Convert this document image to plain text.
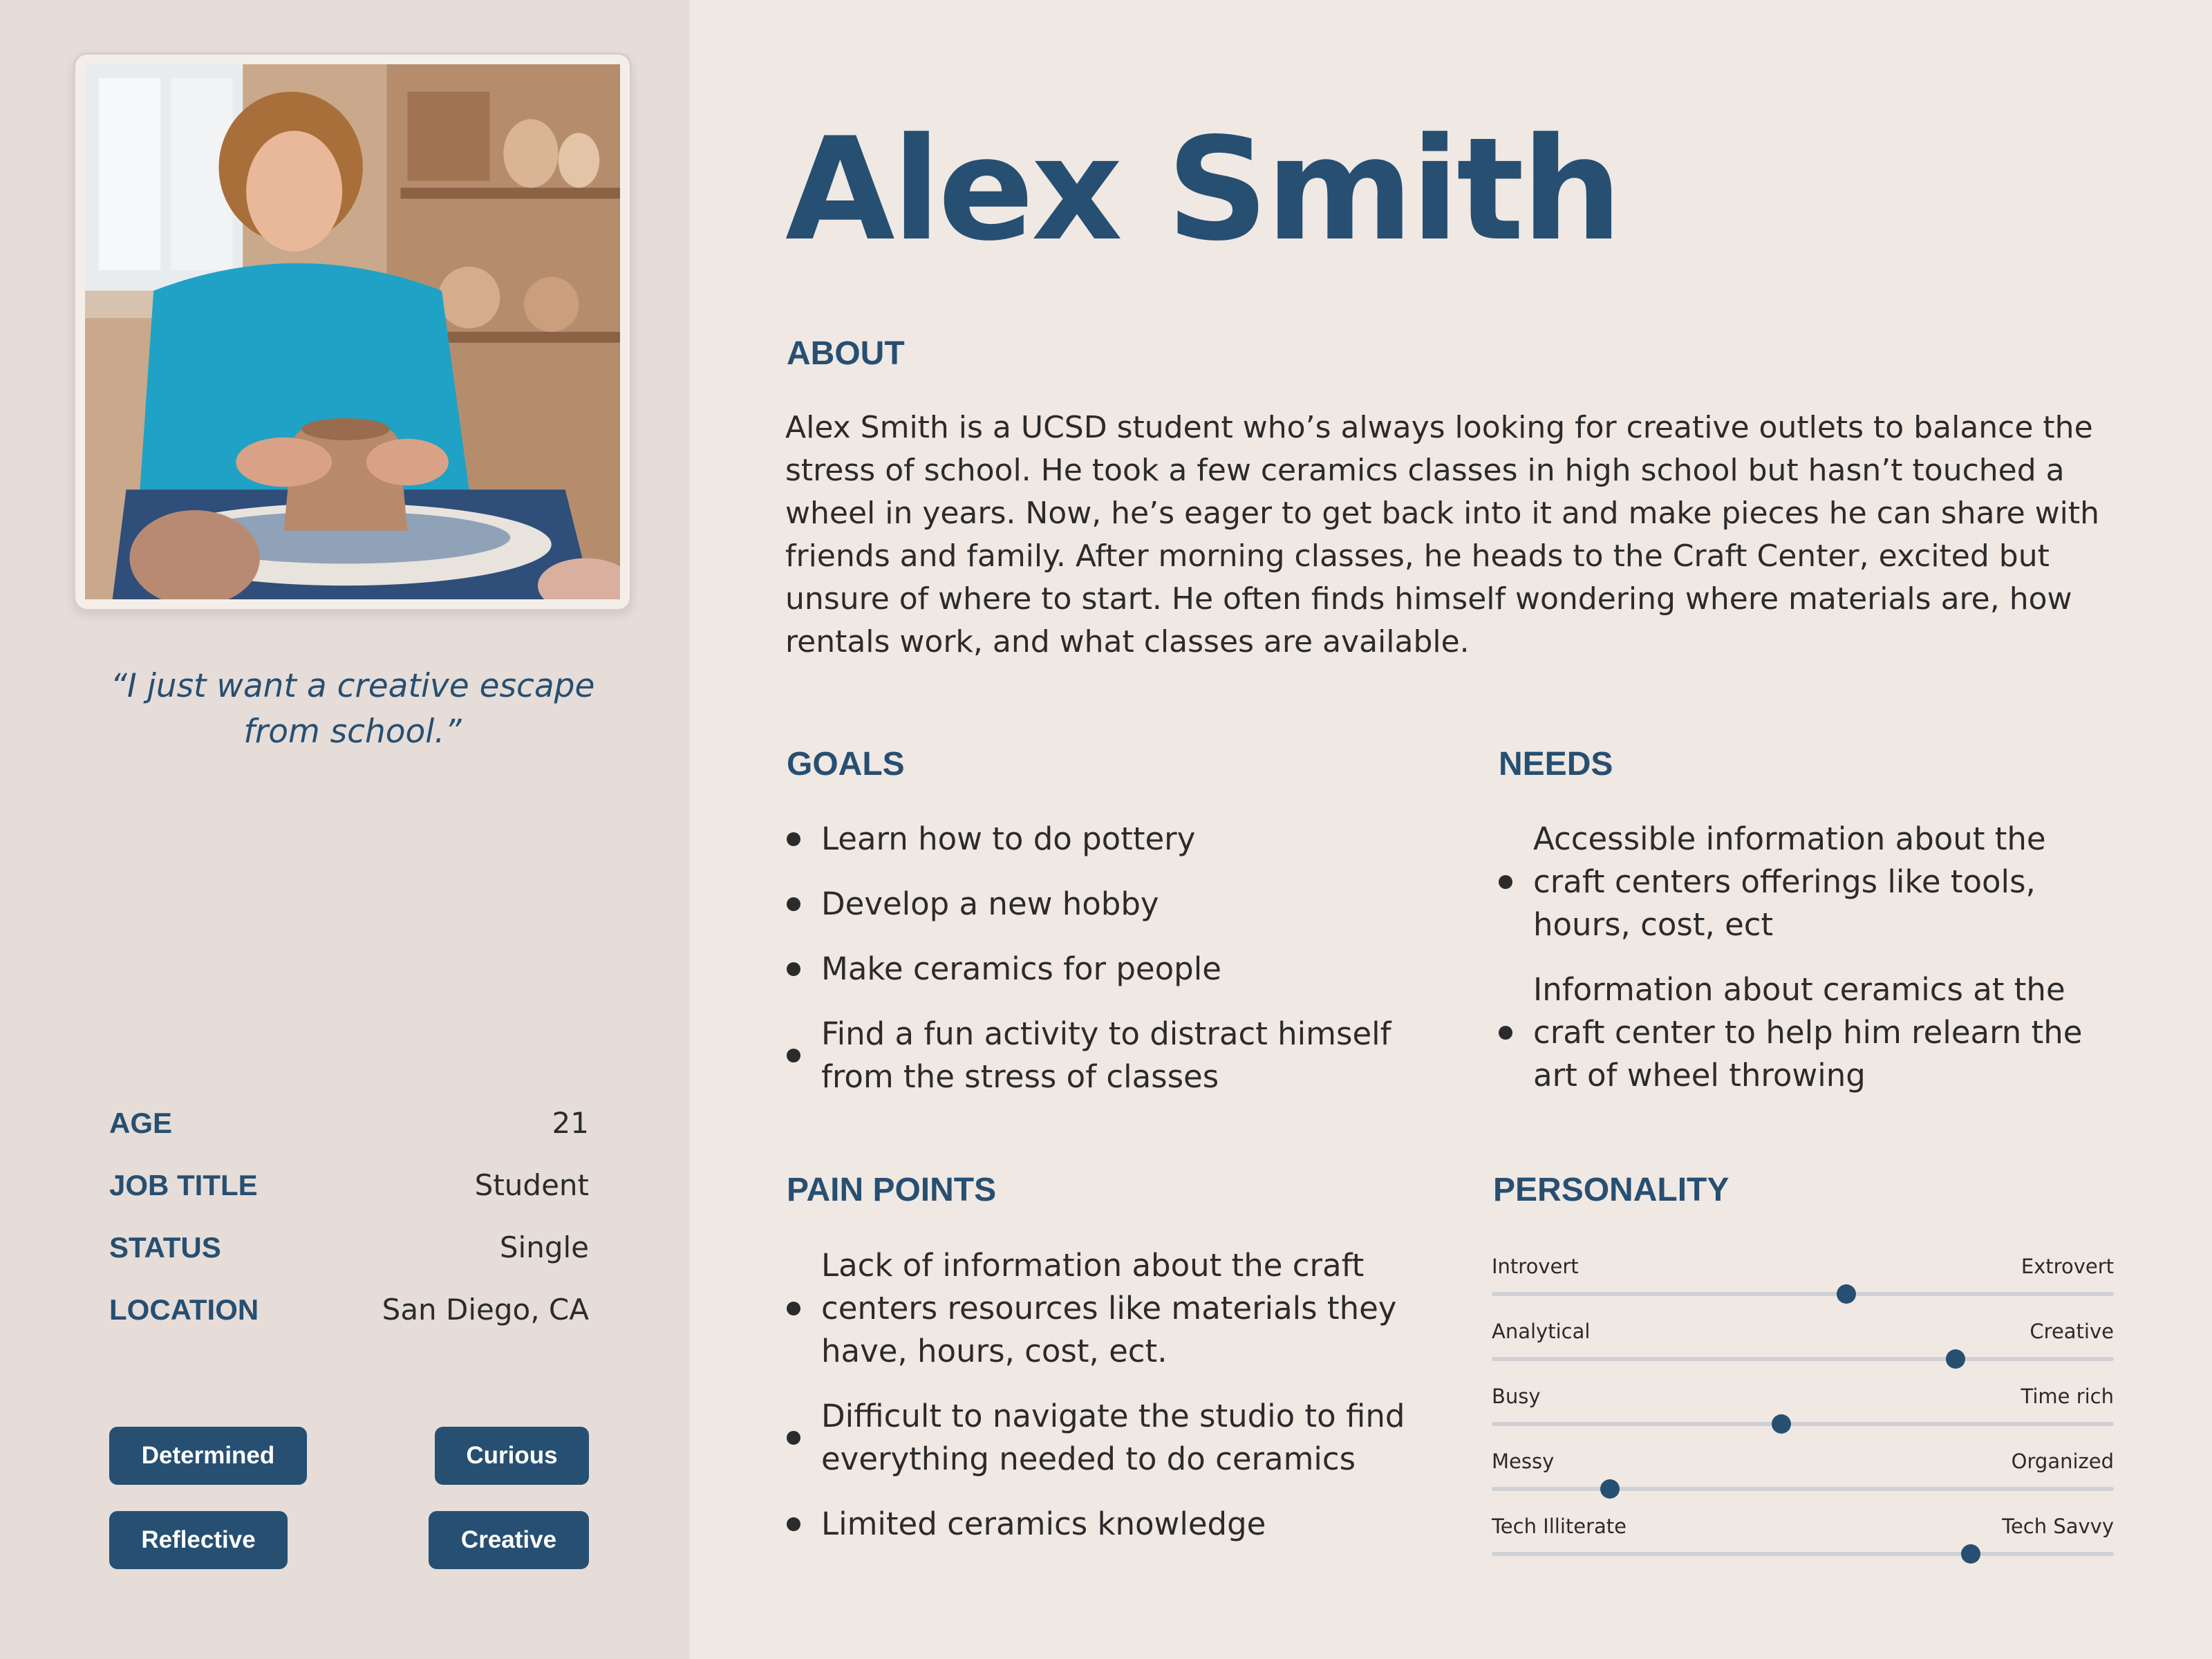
“I just want a creative escape from school.”
AGE	21
JOB TITLE	Student
STATUS	Single
LOCATION	San Diego, CA
Determined	Curious
Reflective	Creative
Alex Smith
ABOUT

Alex Smith is a UCSD student who’s always looking for creative outlets to balance the stress of school. He took a few ceramics classes in high school but hasn’t touched a wheel in years. Now, he’s eager to get back into it and make pieces he can share with friends and family. After morning classes, he heads to the Craft Center, excited but unsure of where to start. He often finds himself wondering where materials are, how rentals work, and what classes are available.

GOALS
Learn how to do pottery
Develop a new hobby
Make ceramics for people
Find a fun activity to distract himself from the stress of classes
NEEDS
Accessible information about the craft centers offerings like tools, hours, cost, ect
Information about ceramics at the craft center to help him relearn the art of wheel throwing
PAIN POINTS
Lack of information about the craft centers resources like materials they have, hours, cost, ect.
Difficult to navigate the studio to find everything needed to do ceramics
Limited ceramics knowledge
PERSONALITY
Introvert	Extrovert
Analytical	Creative
Busy	Time rich
Messy	Organized
Tech Illiterate	Tech Savvy
